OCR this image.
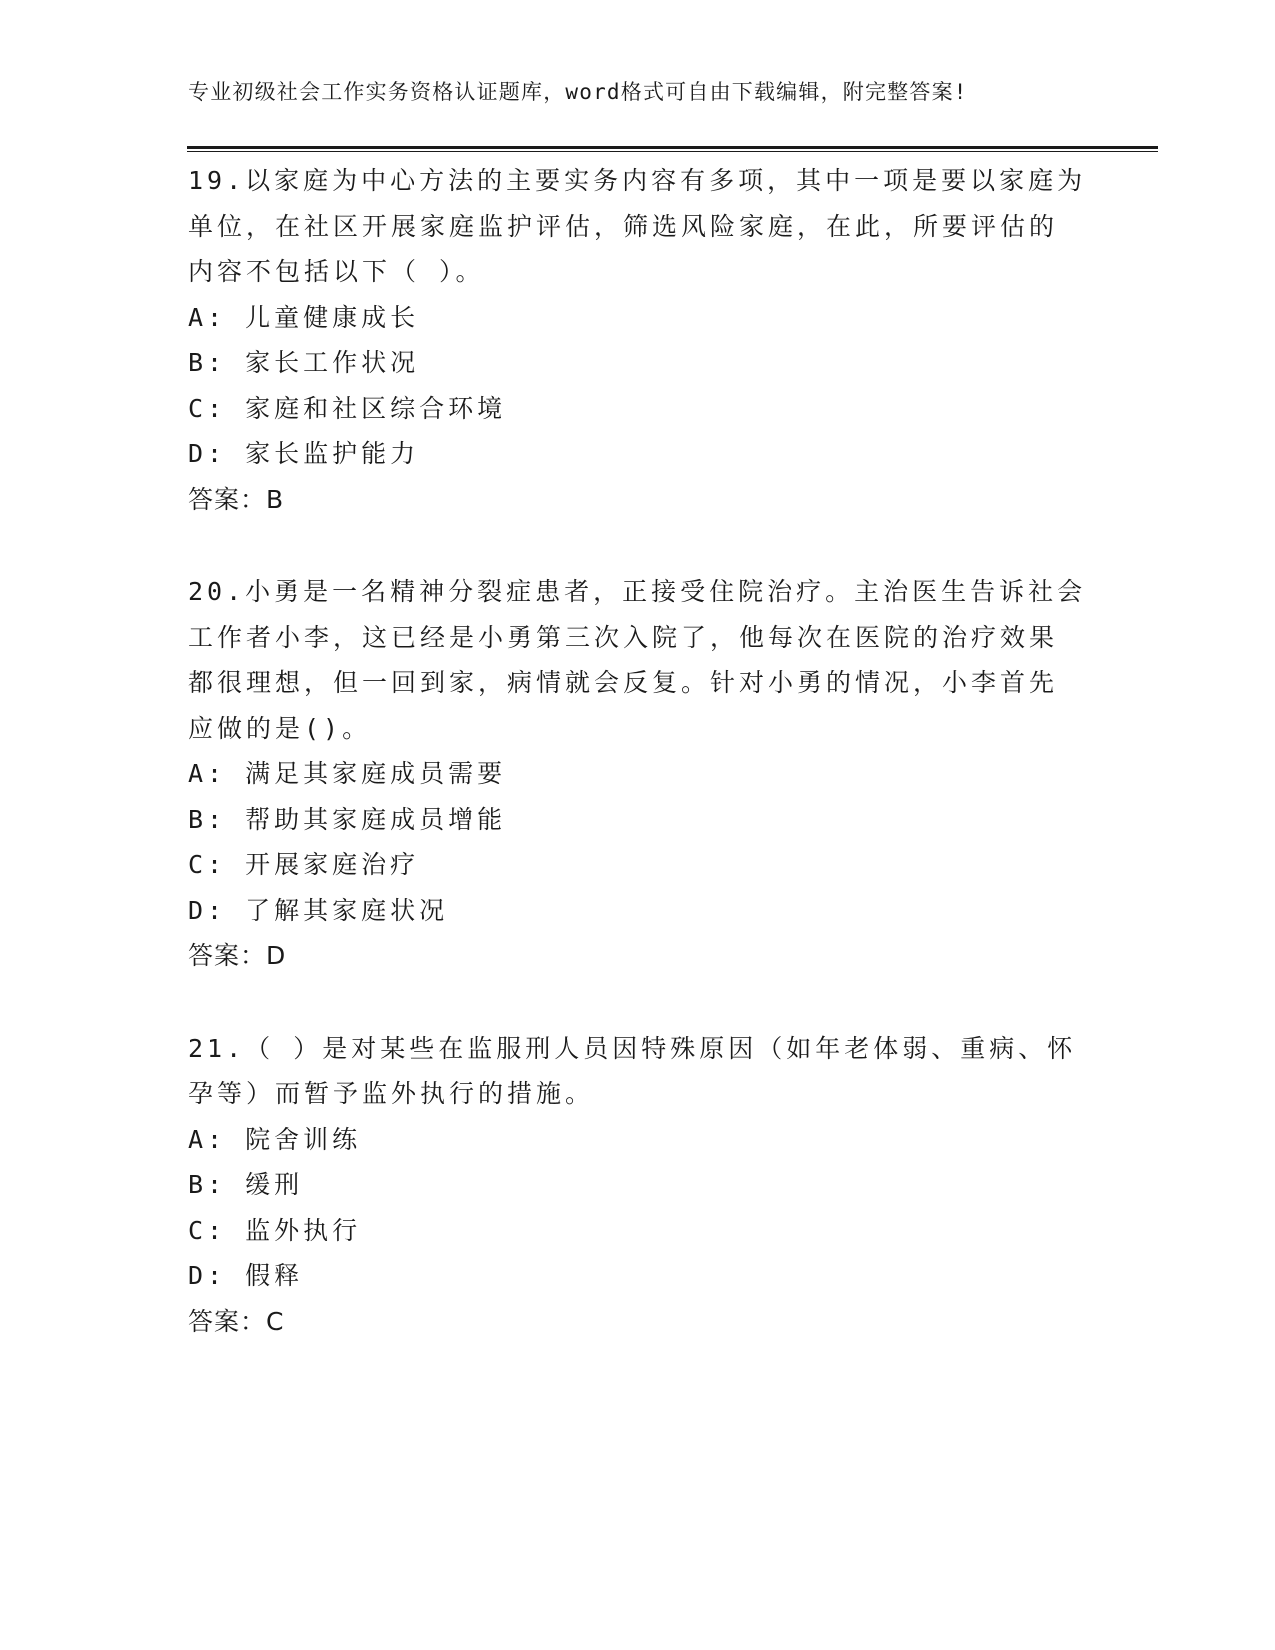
专业初级社会工作实务资格认证题库，word格式可自由下载编辑，附完整答案!
19.以家庭为中心方法的主要实务内容有多项，其中一项是要以家庭为
单位，在社区开展家庭监护评估，筛选风险家庭，在此，所要评估的
内容不包括以下（ ）。
A: 儿童健康成长
B: 家长工作状况
C: 家庭和社区综合环境
D: 家长监护能力
答案：B
20.小勇是一名精神分裂症患者，正接受住院治疗。主治医生告诉社会
工作者小李，这已经是小勇第三次入院了，他每次在医院的治疗效果
都很理想，但一回到家，病情就会反复。针对小勇的情况，小李首先
应做的是()。
A: 满足其家庭成员需要
B: 帮助其家庭成员增能
C: 开展家庭治疗
D: 了解其家庭状况
答案：D
21.（ ）是对某些在监服刑人员因特殊原因（如年老体弱、重病、怀
孕等）而暂予监外执行的措施。
A: 院舍训练
B: 缓刑
C: 监外执行
D: 假释
答案：C
